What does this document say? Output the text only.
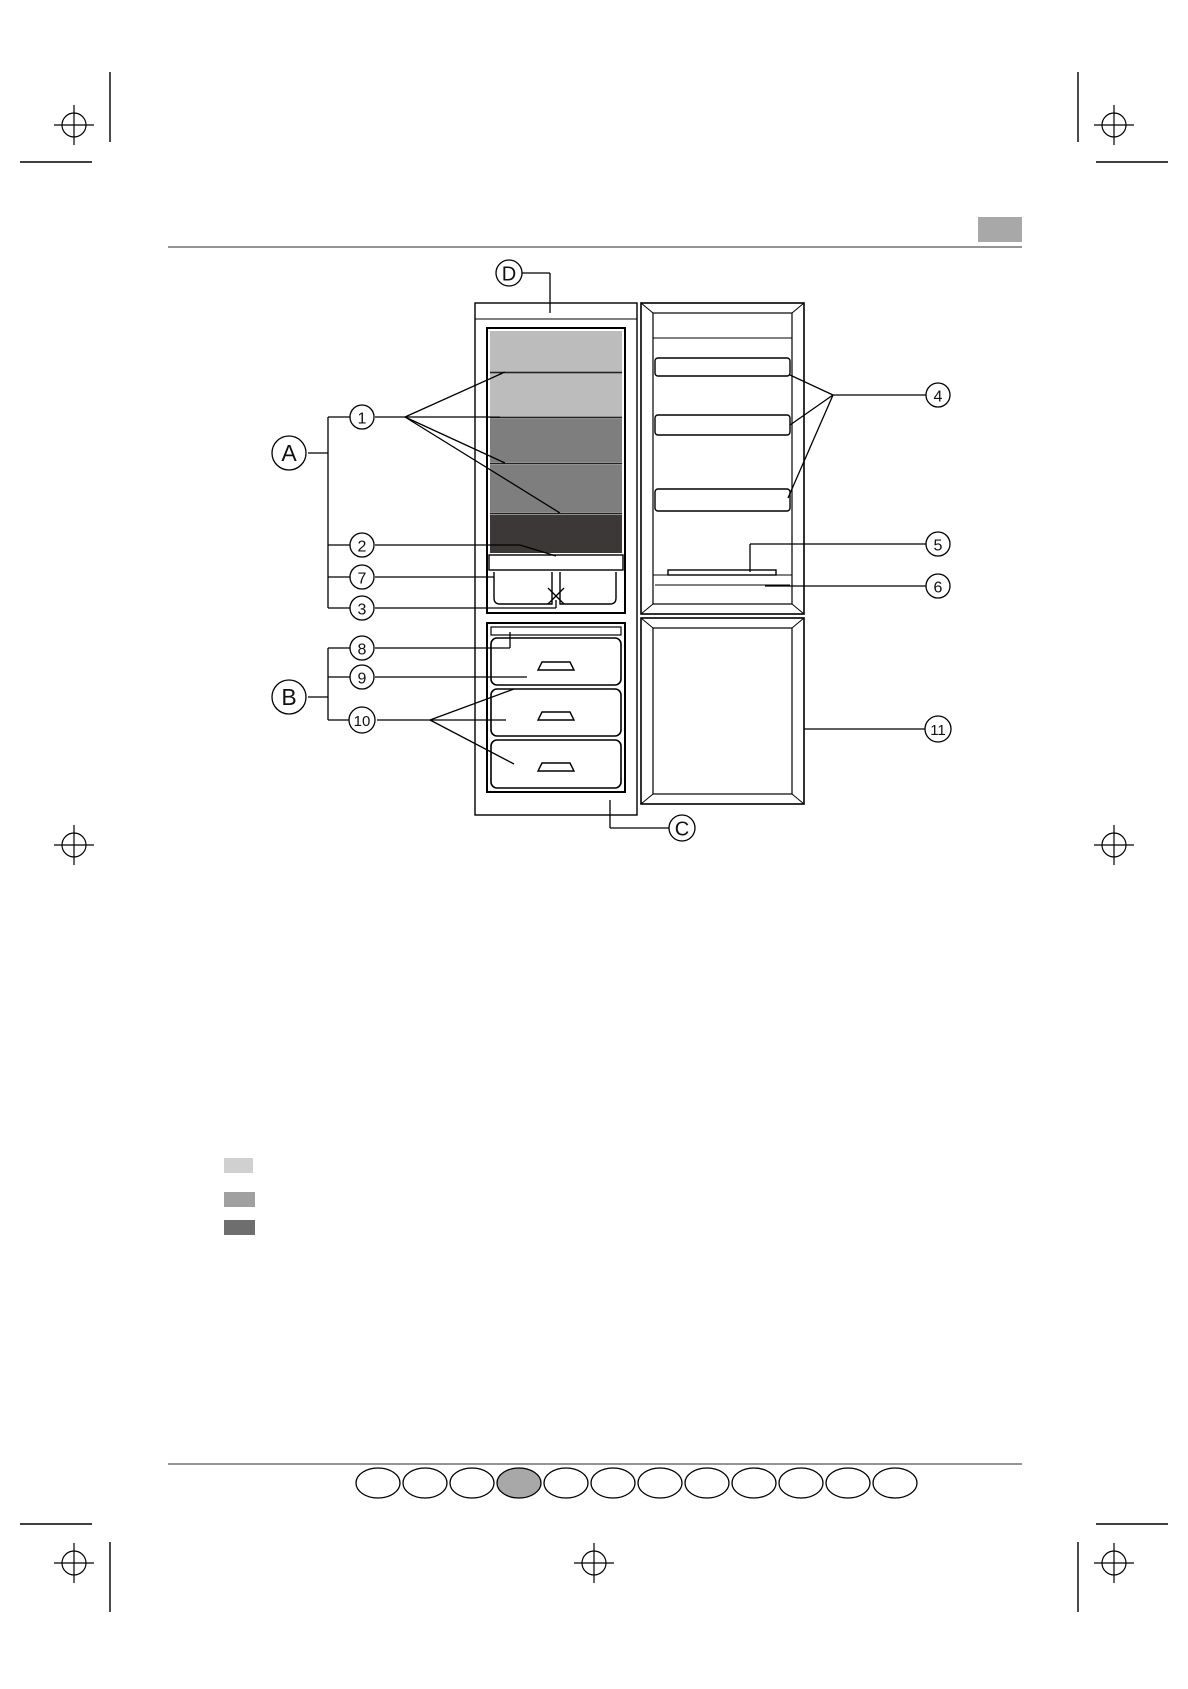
D
A
B
C
1
2
7
3
8
9
10
4
5
6
11
